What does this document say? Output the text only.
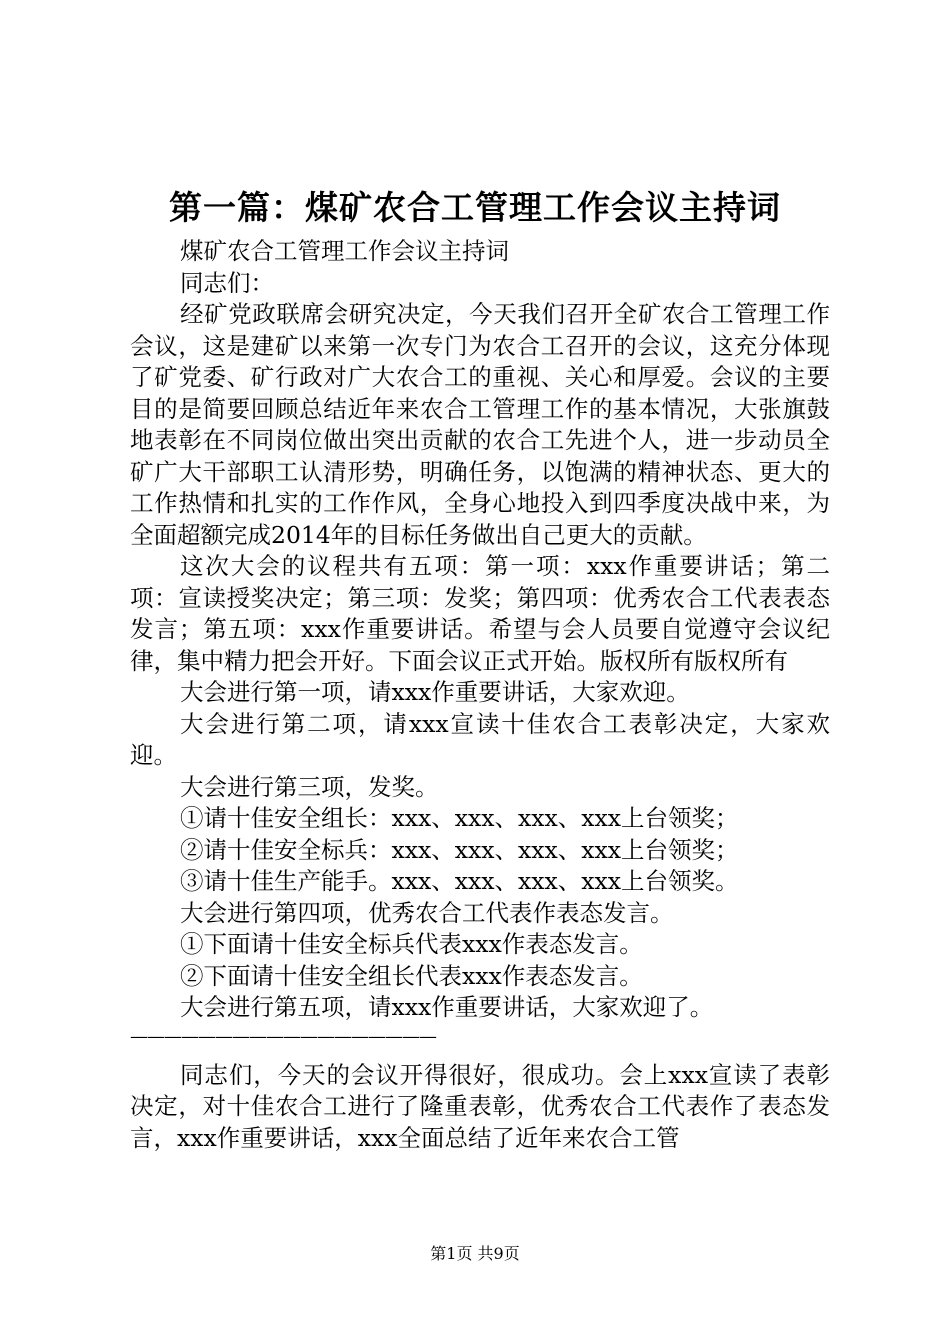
第一篇：煤矿农合工管理工作会议主持词

煤矿农合工管理工作会议主持词

同志们：

经矿党政联席会研究决定，今天我们召开全矿农合工管理工作会议，这是建矿以来第一次专门为农合工召开的会议，这充分体现了矿党委、矿行政对广大农合工的重视、关心和厚爱。会议的主要目的是简要回顾总结近年来农合工管理工作的基本情况，大张旗鼓地表彰在不同岗位做出突出贡献的农合工先进个人，进一步动员全矿广大干部职工认清形势，明确任务，以饱满的精神状态、更大的工作热情和扎实的工作作风，全身心地投入到四季度决战中来，为全面超额完成2014年的目标任务做出自己更大的贡献。

这次大会的议程共有五项：第一项：xxx作重要讲话；第二项：宣读授奖决定；第三项：发奖；第四项：优秀农合工代表表态发言；第五项：xxx作重要讲话。希望与会人员要自觉遵守会议纪律，集中精力把会开好。下面会议正式开始。版权所有版权所有

大会进行第一项，请xxx作重要讲话，大家欢迎。

大会进行第二项，请xxx宣读十佳农合工表彰决定，大家欢迎。

大会进行第三项，发奖。

①请十佳安全组长：xxx、xxx、xxx、xxx上台领奖；

②请十佳安全标兵：xxx、xxx、xxx、xxx上台领奖；

③请十佳生产能手。xxx、xxx、xxx、xxx上台领奖。

大会进行第四项，优秀农合工代表作表态发言。

①下面请十佳安全标兵代表xxx作表态发言。

②下面请十佳安全组长代表xxx作表态发言。

大会进行第五项，请xxx作重要讲话，大家欢迎了。

——————————————————

同志们，今天的会议开得很好，很成功。会上xxx宣读了表彰决定，对十佳农合工进行了隆重表彰，优秀农合工代表作了表态发言，xxx作重要讲话，xxx全面总结了近年来农合工管

第1页 共9页
